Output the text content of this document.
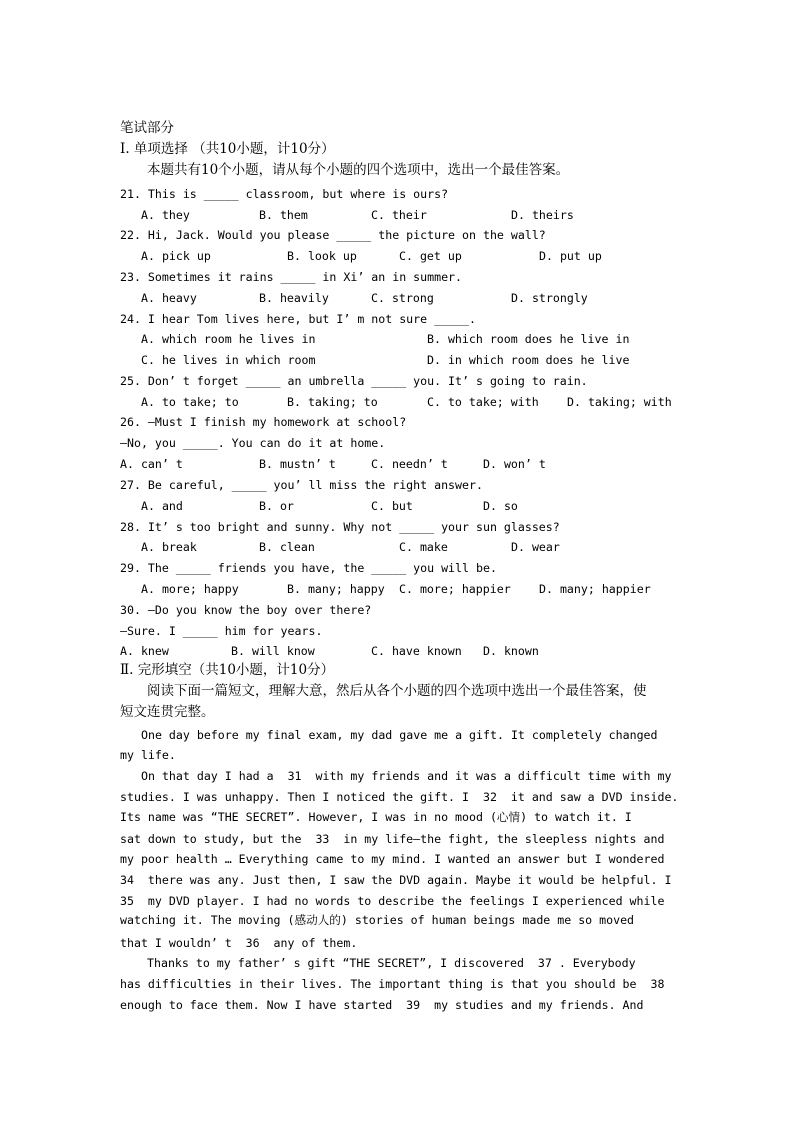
笔试部分
Ⅰ. 单项选择 （共10小题，计10分）
本题共有10个小题，请从每个小题的四个选项中，选出一个最佳答案。
21. This is _____ classroom, but where is ours?
A. they	B. them	C. their	D. theirs
22. Hi, Jack. Would you please _____ the picture on the wall?
A. pick up	B. look up	C. get up	D. put up
23. Sometimes it rains _____ in Xi’ an in summer.
A. heavy	B. heavily	C. strong	D. strongly
24. I hear Tom lives here, but I’ m not sure _____.
A. which room he lives in	B. which room does he live in
C. he lives in which room	D. in which room does he live
25. Don’ t forget _____ an umbrella _____ you. It’ s going to rain.
A. to take; to	B. taking; to	C. to take; with D. taking; with
26. —Must I finish my homework at school?
—No, you _____. You can do it at home.
A. can’ t	B. mustn’ t	C. needn’ t	D. won’ t
27. Be careful, _____ you’ ll miss the right answer.
A. and	B. or	C. but	D. so
28. It’ s too bright and sunny. Why not _____ your sun glasses?
A. break	B. clean	C. make	D. wear
29. The _____ friends you have, the _____ you will be.
A. more; happy	B. many; happy C. more; happier D. many; happier
30. —Do you know the boy over there?
—Sure. I _____ him for years.
A. knew	B. will know	C. have known D. known
Ⅱ. 完形填空（共10小题，计10分）
阅读下面一篇短文，理解大意，然后从各个小题的四个选项中选出一个最佳答案，使
短文连贯完整。
One day before my final exam, my dad gave me a gift. It completely changed
my life.
On that day I had a  31  with my friends and it was a difficult time with my
studies. I was unhappy. Then I noticed the gift. I  32  it and saw a DVD inside.
Its name was “THE SECRET”. However, I was in no mood (心情) to watch it. I
sat down to study, but the  33  in my life—the fight, the sleepless nights and
my poor health … Everything came to my mind. I wanted an answer but I wondered
34  there was any. Just then, I saw the DVD again. Maybe it would be helpful. I
35  my DVD player. I had no words to describe the feelings I experienced while
watching it. The moving (感动人的) stories of human beings made me so moved
that I wouldn’ t  36  any of them.
Thanks to my father’ s gift “THE SECRET”, I discovered  37 . Everybody
has difficulties in their lives. The important thing is that you should be  38
enough to face them. Now I have started  39  my studies and my friends. And
